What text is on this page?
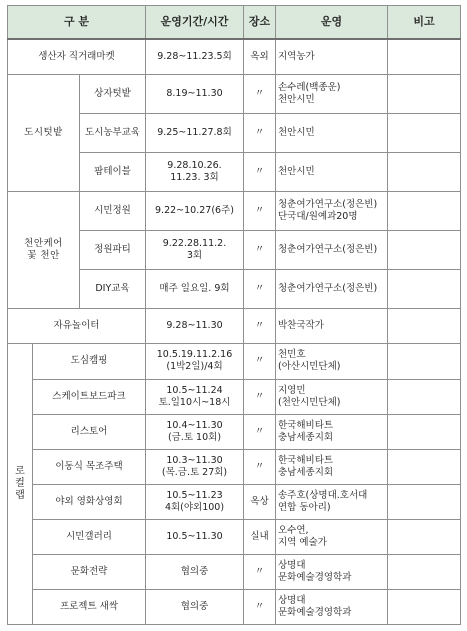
구 분			운영기간/시간	장소	운영	비고

생산자 직거래마켓			9.28~11.23.5회	옥외	지역농가	

도시텃밭		상자텃밭	8.19~11.30	〃	손수레(백종운)
천안시민	

		도시농부교육	9.25~11.27.8회	〃	천안시민	

		팜테이블	9.28.10.26.
11.23. 3회	〃	천안시민	

천안케어
꽃 천안		시민정원	9.22~10.27(6주)	〃	청춘여가연구소(정은빈)
단국대/원예과20명	

		정원파티	9.22.28.11.2.
3회	〃	청춘여가연구소(정은빈)	

		DIY교육	매주 일요일. 9회	〃	청춘여가연구소(정은빈)	

자유놀이터			9.28~11.30	〃	박찬국작가	

로
컬
랩	도심캠핑		10.5.19.11.2.16
(1박2일)/4회	〃	천민호
(아산시민단체)	

	스케이트보드파크		10.5~11.24
토.일10시~18시	〃	지영민
(천안시민단체)	

	리스토어		10.4~11.30
(금.토 10회)	〃	한국해비타트
충남세종지회	

	이동식 목조주택		10.3~11.30
(목.금.토 27회)	〃	한국해비타트
충남세종지회	

	야외 영화상영회		10.5~11.23
4회(야외100)	옥상	송주호(상명대.호서대
연합 동아리)	

	시민갤러리		10.5~11.30	실내	오수연,
지역 예술가	

	문화전략		협의중	〃	상명대
문화예술경영학과	

	프로젝트 새싹		협의중	〃	상명대
문화예술경영학과	
